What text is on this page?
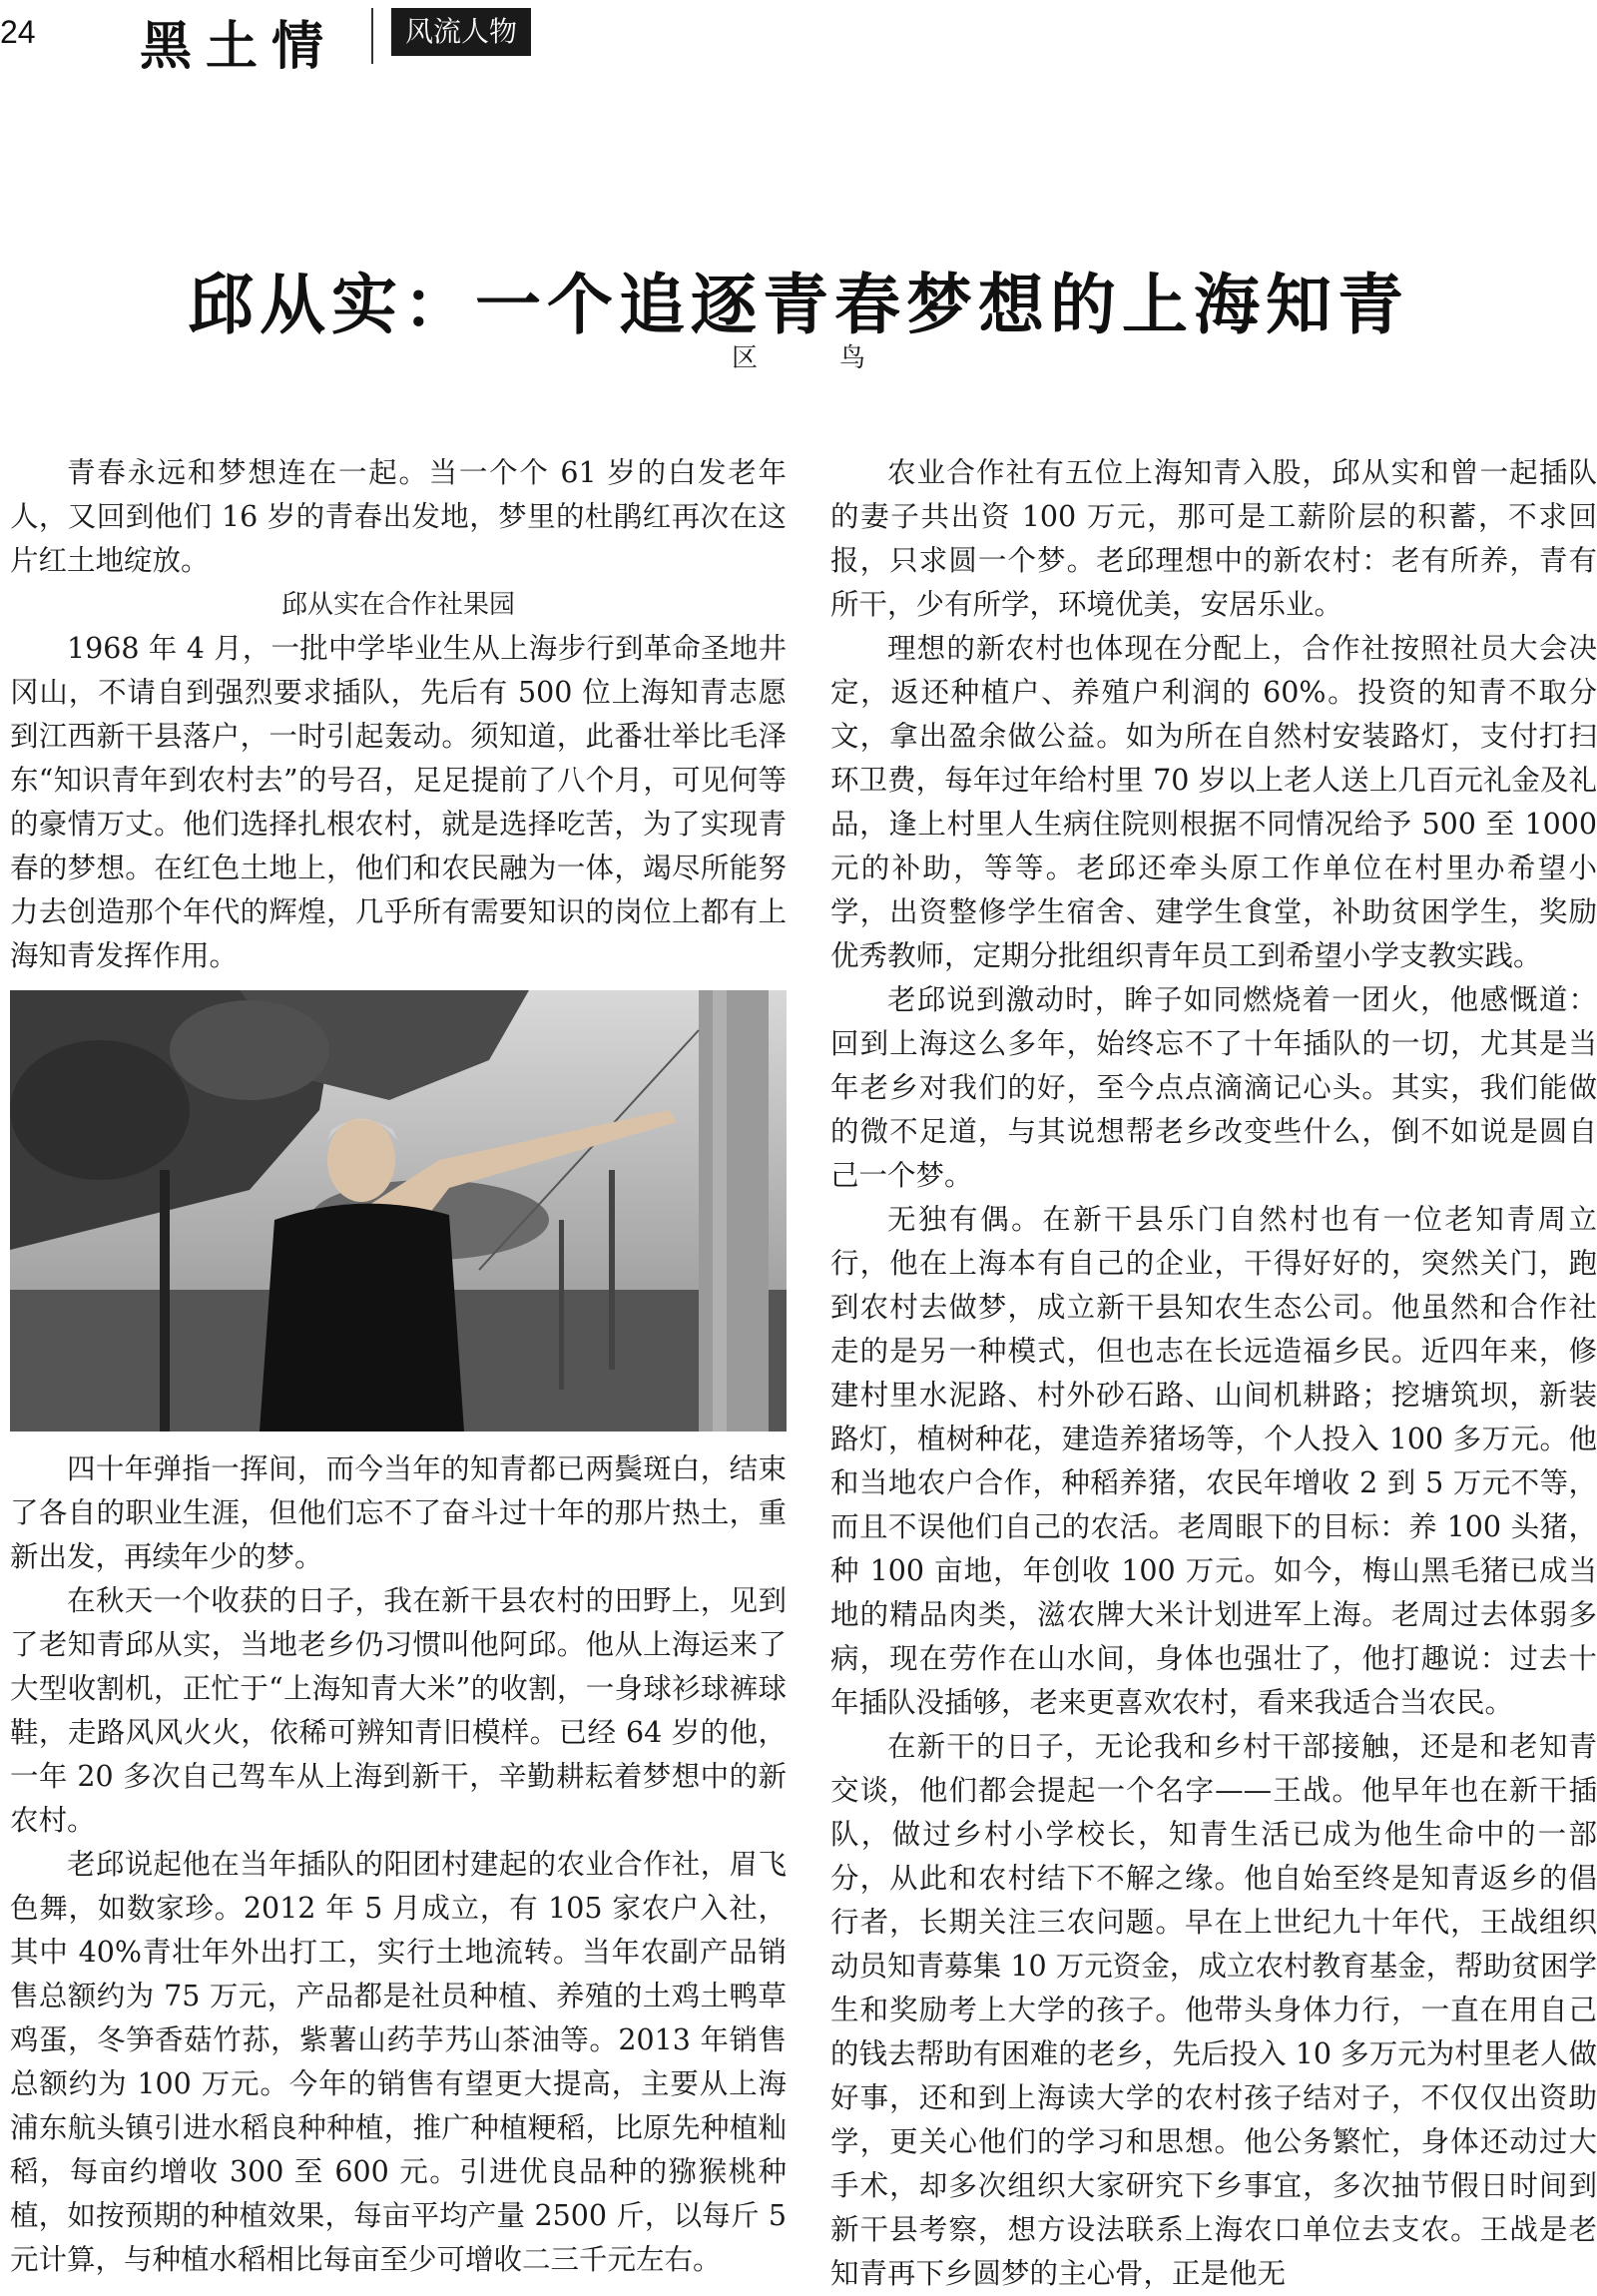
24 黑土情	风流人物
邱从实：一个追逐青春梦想的上海知青
区　鸟

青春永远和梦想连在一起。当一个个 61 岁的白发老年人，又回到他们 16 岁的青春出发地，梦里的杜鹃红再次在这片红土地绽放。

邱从实在合作社果园

1968 年 4 月，一批中学毕业生从上海步行到革命圣地井冈山，不请自到强烈要求插队，先后有 500 位上海知青志愿到江西新干县落户，一时引起轰动。须知道，此番壮举比毛泽东“知识青年到农村去”的号召，足足提前了八个月，可见何等的豪情万丈。他们选择扎根农村，就是选择吃苦，为了实现青春的梦想。在红色土地上，他们和农民融为一体，竭尽所能努力去创造那个年代的辉煌，几乎所有需要知识的岗位上都有上海知青发挥作用。

四十年弹指一挥间，而今当年的知青都已两鬓斑白，结束了各自的职业生涯，但他们忘不了奋斗过十年的那片热土，重新出发，再续年少的梦。

在秋天一个收获的日子，我在新干县农村的田野上，见到了老知青邱从实，当地老乡仍习惯叫他阿邱。他从上海运来了大型收割机，正忙于“上海知青大米”的收割，一身球衫球裤球鞋，走路风风火火，依稀可辨知青旧模样。已经 64 岁的他，一年 20 多次自己驾车从上海到新干，辛勤耕耘着梦想中的新农村。

老邱说起他在当年插队的阳团村建起的农业合作社，眉飞色舞，如数家珍。2012 年 5 月成立，有 105 家农户入社，其中 40%青壮年外出打工，实行土地流转。当年农副产品销售总额约为 75 万元，产品都是社员种植、养殖的土鸡土鸭草鸡蛋，冬笋香菇竹荪，紫薯山药芋艿山茶油等。2013 年销售总额约为 100 万元。今年的销售有望更大提高，主要从上海浦东航头镇引进水稻良种种植，推广种植粳稻，比原先种植籼稻，每亩约增收 300 至 600 元。引进优良品种的猕猴桃种植，如按预期的种植效果，每亩平均产量 2500 斤，以每斤 5 元计算，与种植水稻相比每亩至少可增收二三千元左右。

农业合作社有五位上海知青入股，邱从实和曾一起插队的妻子共出资 100 万元，那可是工薪阶层的积蓄，不求回报，只求圆一个梦。老邱理想中的新农村：老有所养，青有所干，少有所学，环境优美，安居乐业。

理想的新农村也体现在分配上，合作社按照社员大会决定，返还种植户、养殖户利润的 60%。投资的知青不取分文，拿出盈余做公益。如为所在自然村安装路灯，支付打扫环卫费，每年过年给村里 70 岁以上老人送上几百元礼金及礼品，逢上村里人生病住院则根据不同情况给予 500 至 1000 元的补助，等等。老邱还牵头原工作单位在村里办希望小学，出资整修学生宿舍、建学生食堂，补助贫困学生，奖励优秀教师，定期分批组织青年员工到希望小学支教实践。

老邱说到激动时，眸子如同燃烧着一团火，他感慨道：回到上海这么多年，始终忘不了十年插队的一切，尤其是当年老乡对我们的好，至今点点滴滴记心头。其实，我们能做的微不足道，与其说想帮老乡改变些什么，倒不如说是圆自己一个梦。

无独有偶。在新干县乐门自然村也有一位老知青周立行，他在上海本有自己的企业，干得好好的，突然关门，跑到农村去做梦，成立新干县知农生态公司。他虽然和合作社走的是另一种模式，但也志在长远造福乡民。近四年来，修建村里水泥路、村外砂石路、山间机耕路；挖塘筑坝，新装路灯，植树种花，建造养猪场等，个人投入 100 多万元。他和当地农户合作，种稻养猪，农民年增收 2 到 5 万元不等，而且不误他们自己的农活。老周眼下的目标：养 100 头猪，种 100 亩地，年创收 100 万元。如今，梅山黑毛猪已成当地的精品肉类，滋农牌大米计划进军上海。老周过去体弱多病，现在劳作在山水间，身体也强壮了，他打趣说：过去十年插队没插够，老来更喜欢农村，看来我适合当农民。

在新干的日子，无论我和乡村干部接触，还是和老知青交谈，他们都会提起一个名字——王战。他早年也在新干插队，做过乡村小学校长，知青生活已成为他生命中的一部分，从此和农村结下不解之缘。他自始至终是知青返乡的倡行者，长期关注三农问题。早在上世纪九十年代，王战组织动员知青募集 10 万元资金，成立农村教育基金，帮助贫困学生和奖励考上大学的孩子。他带头身体力行，一直在用自己的钱去帮助有困难的老乡，先后投入 10 多万元为村里老人做好事，还和到上海读大学的农村孩子结对子，不仅仅出资助学，更关心他们的学习和思想。他公务繁忙，身体还动过大手术，却多次组织大家研究下乡事宜，多次抽节假日时间到新干县考察，想方设法联系上海农口单位去支农。王战是老知青再下乡圆梦的主心骨，正是他无
